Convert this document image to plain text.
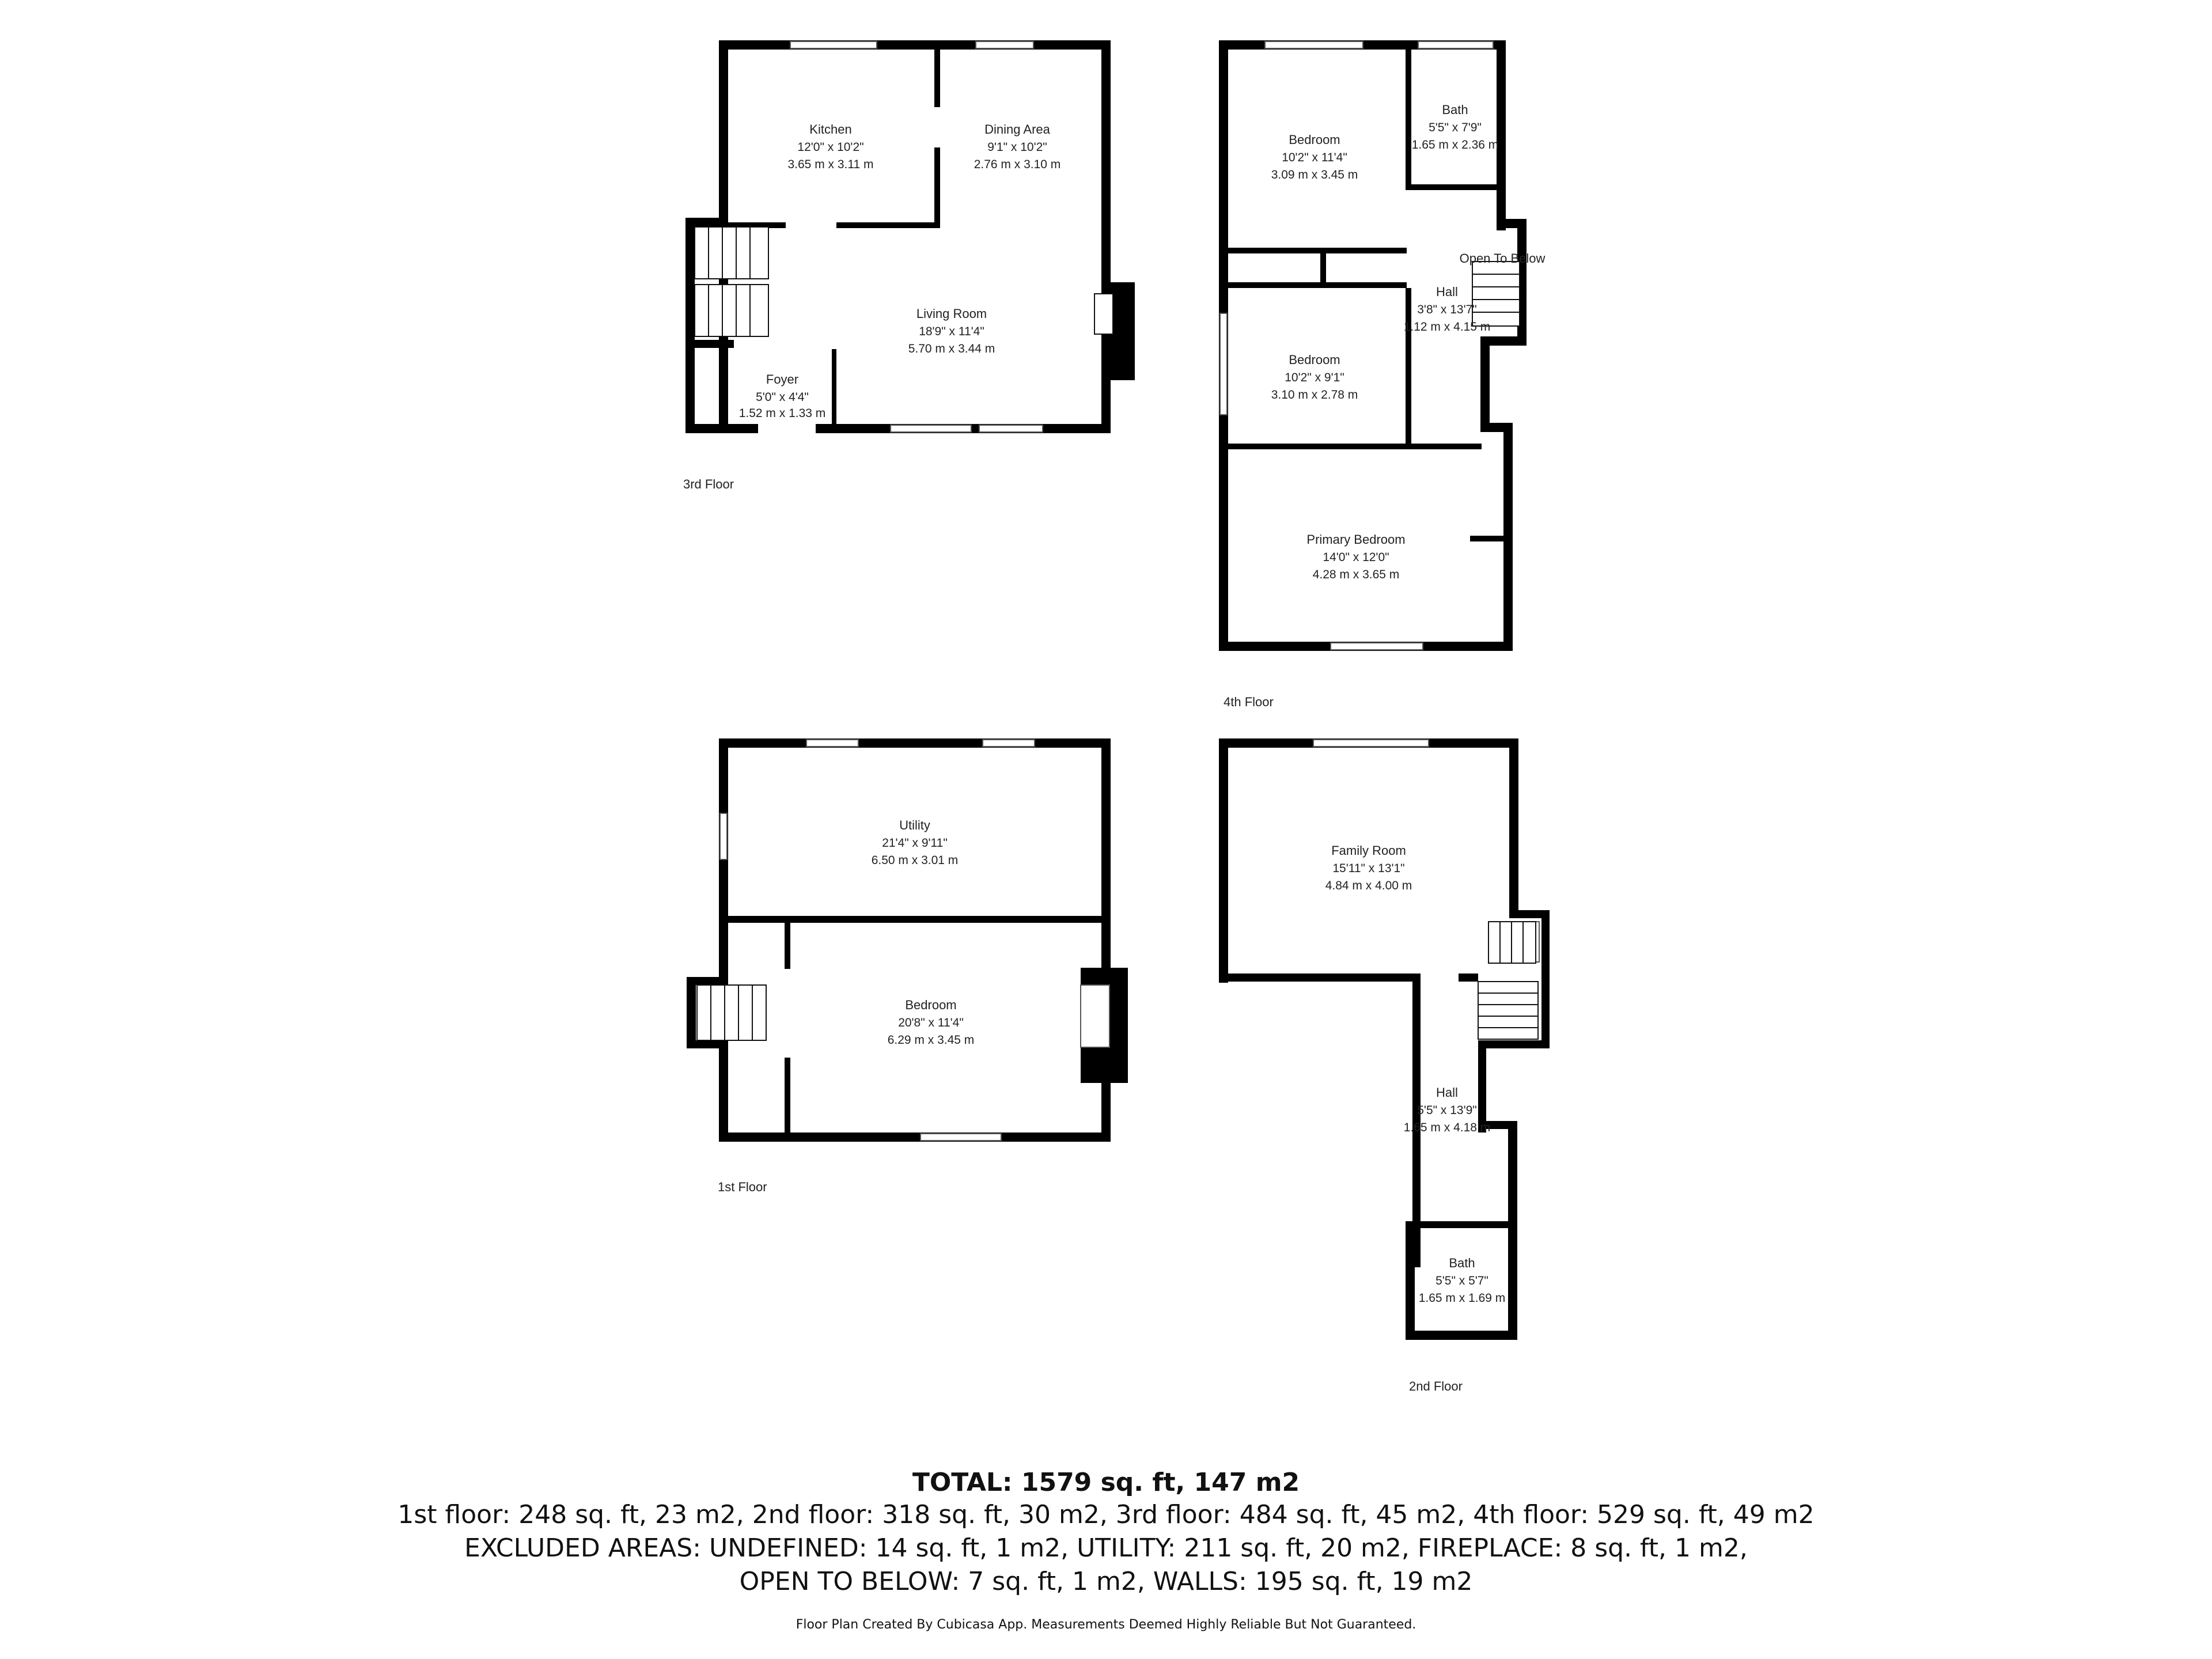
Kitchen
12'0" x 10'2"
3.65 m x 3.11 m
Dining Area
9'1" x 10'2"
2.76 m x 3.10 m
Living Room
18'9" x 11'4"
5.70 m x 3.44 m
Foyer
5'0" x 4'4"
1.52 m x 1.33 m
3rd Floor
Bedroom
10'2" x 11'4"
3.09 m x 3.45 m
Bath
5'5" x 7'9"
1.65 m x 2.36 m
Open To Below
Hall
3'8" x 13'7"
1.12 m x 4.15 m
Bedroom
10'2" x 9'1"
3.10 m x 2.78 m
Primary Bedroom
14'0" x 12'0"
4.28 m x 3.65 m
4th Floor
Utility
21'4" x 9'11"
6.50 m x 3.01 m
Bedroom
20'8" x 11'4"
6.29 m x 3.45 m
1st Floor
Family Room
15'11" x 13'1"
4.84 m x 4.00 m
Hall
5'5" x 13'9"
1.65 m x 4.18 m
Bath
5'5" x 5'7"
1.65 m x 1.69 m
2nd Floor
TOTAL: 1579 sq. ft, 147 m2
1st floor: 248 sq. ft, 23 m2, 2nd floor: 318 sq. ft, 30 m2, 3rd floor: 484 sq. ft, 45 m2, 4th floor: 529 sq. ft, 49 m2
EXCLUDED AREAS: UNDEFINED: 14 sq. ft, 1 m2, UTILITY: 211 sq. ft, 20 m2, FIREPLACE: 8 sq. ft, 1 m2,
OPEN TO BELOW: 7 sq. ft, 1 m2, WALLS: 195 sq. ft, 19 m2
Floor Plan Created By Cubicasa App. Measurements Deemed Highly Reliable But Not Guaranteed.
